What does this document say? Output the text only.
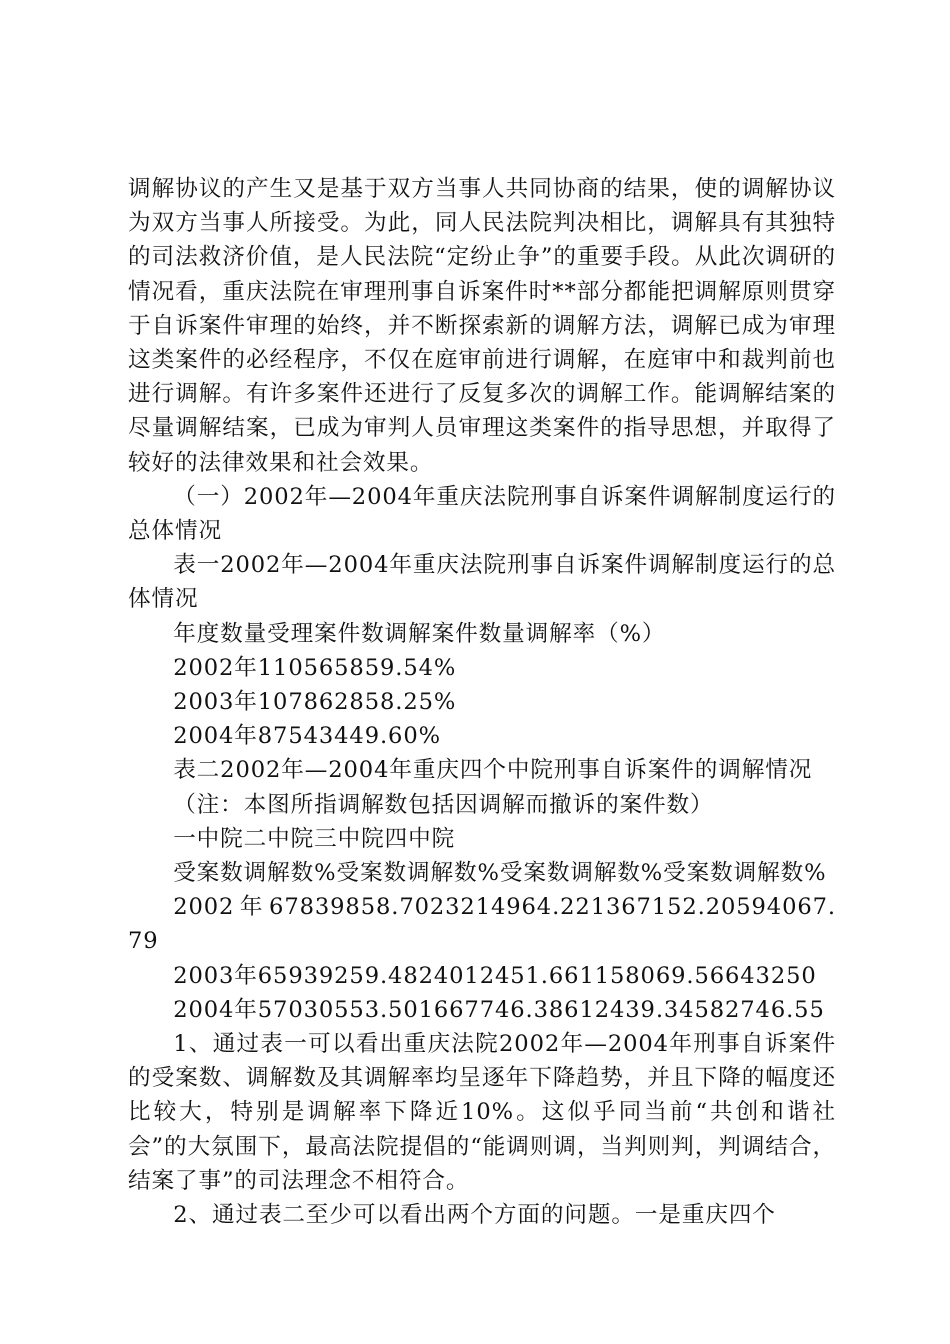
调解协议的产生又是基于双方当事人共同协商的结果，使的调解协议为双方当事人所接受。为此，同人民法院判决相比，调解具有其独特的司法救济价值，是人民法院“定纷止争”的重要手段。从此次调研的情况看，重庆法院在审理刑事自诉案件时**部分都能把调解原则贯穿于自诉案件审理的始终，并不断探索新的调解方法，调解已成为审理这类案件的必经程序，不仅在庭审前进行调解，在庭审中和裁判前也进行调解。有许多案件还进行了反复多次的调解工作。能调解结案的尽量调解结案，已成为审判人员审理这类案件的指导思想，并取得了较好的法律效果和社会效果。

（一）2002年—2004年重庆法院刑事自诉案件调解制度运行的总体情况

表一2002年—2004年重庆法院刑事自诉案件调解制度运行的总体情况

年度数量受理案件数调解案件数量调解率（%）

2002年110565859.54%

2003年107862858.25%

2004年87543449.60%

表二2002年—2004年重庆四个中院刑事自诉案件的调解情况

（注：本图所指调解数包括因调解而撤诉的案件数）

一中院二中院三中院四中院

受案数调解数%受案数调解数%受案数调解数%受案数调解数%

2002年67839858.7023214964.221367152.20594067.79

2003年65939259.4824012451.661158069.56643250

2004年57030553.501667746.38612439.34582746.55

1、通过表一可以看出重庆法院2002年—2004年刑事自诉案件的受案数、调解数及其调解率均呈逐年下降趋势，并且下降的幅度还比较大，特别是调解率下降近10%。这似乎同当前“共创和谐社会”的大氛围下，最高法院提倡的“能调则调，当判则判，判调结合，结案了事”的司法理念不相符合。

2、通过表二至少可以看出两个方面的问题。一是重庆四个
